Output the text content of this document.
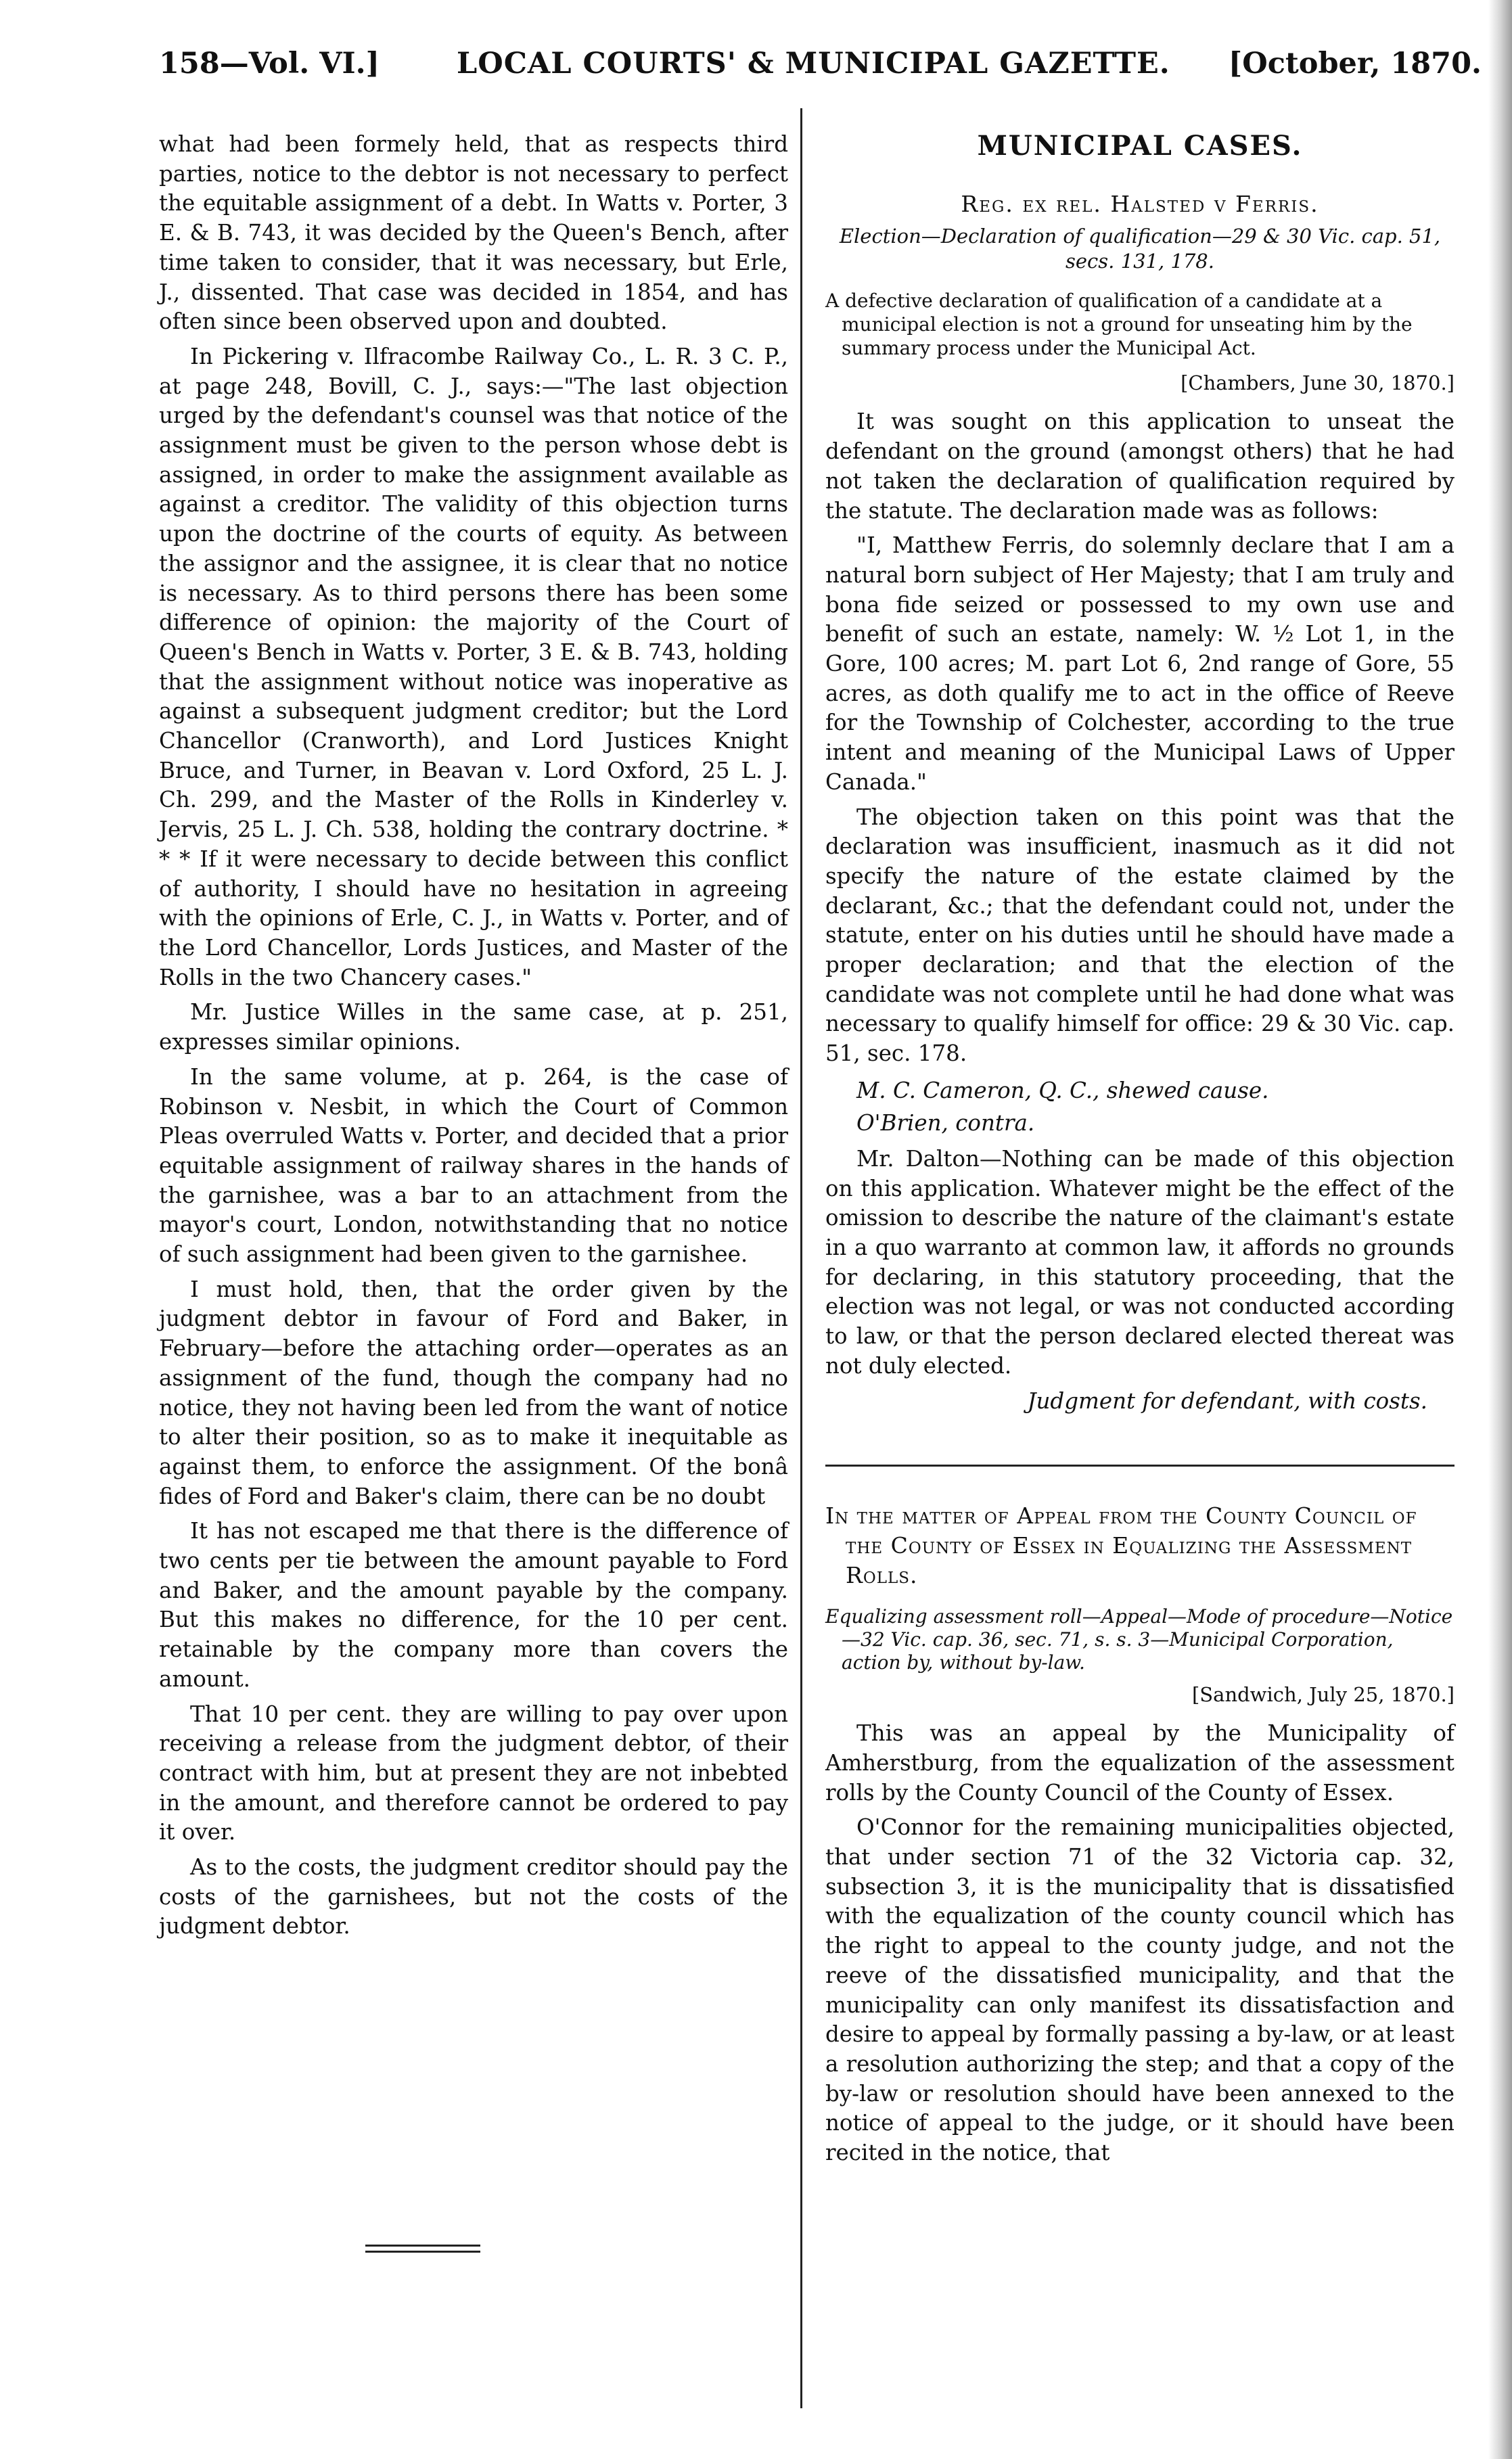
158—Vol. VI.]	LOCAL COURTS' & MUNICIPAL GAZETTE. [October, 1870.

what had been formely held, that as respects third parties, notice to the debtor is not necessary to perfect the equitable assignment of a debt. In Watts v. Porter, 3 E. & B. 743, it was decided by the Queen's Bench, after time taken to consider, that it was necessary, but Erle, J., dissented. That case was decided in 1854, and has often since been observed upon and doubted.

In Pickering v. Ilfracombe Railway Co., L. R. 3 C. P., at page 248, Bovill, C. J., says:—"The last objection urged by the defendant's counsel was that notice of the assignment must be given to the person whose debt is assigned, in order to make the assignment available as against a creditor. The validity of this objection turns upon the doctrine of the courts of equity. As between the assignor and the assignee, it is clear that no notice is necessary. As to third persons there has been some difference of opinion: the majority of the Court of Queen's Bench in Watts v. Porter, 3 E. & B. 743, holding that the assignment without notice was inoperative as against a subsequent judgment creditor; but the Lord Chancellor (Cranworth), and Lord Justices Knight Bruce, and Turner, in Beavan v. Lord Oxford, 25 L. J. Ch. 299, and the Master of the Rolls in Kinderley v. Jervis, 25 L. J. Ch. 538, holding the contrary doctrine. * * * If it were necessary to decide between this conflict of authority, I should have no hesitation in agreeing with the opinions of Erle, C. J., in Watts v. Porter, and of the Lord Chancellor, Lords Justices, and Master of the Rolls in the two Chancery cases."

Mr. Justice Willes in the same case, at p. 251, expresses similar opinions.

In the same volume, at p. 264, is the case of Robinson v. Nesbit, in which the Court of Common Pleas overruled Watts v. Porter, and decided that a prior equitable assignment of railway shares in the hands of the garnishee, was a bar to an attachment from the mayor's court, London, notwithstanding that no notice of such assignment had been given to the garnishee.

I must hold, then, that the order given by the judgment debtor in favour of Ford and Baker, in February—before the attaching order—operates as an assignment of the fund, though the company had no notice, they not having been led from the want of notice to alter their position, so as to make it inequitable as against them, to enforce the assignment. Of the bonâ fides of Ford and Baker's claim, there can be no doubt

It has not escaped me that there is the difference of two cents per tie between the amount payable to Ford and Baker, and the amount payable by the company. But this makes no difference, for the 10 per cent. retainable by the company more than covers the amount.

That 10 per cent. they are willing to pay over upon receiving a release from the judgment debtor, of their contract with him, but at present they are not inbebted in the amount, and therefore cannot be ordered to pay it over.

As to the costs, the judgment creditor should pay the costs of the garnishees, but not the costs of the judgment debtor.

MUNICIPAL CASES.
Reg. ex rel. Halsted v Ferris.

Election—Declaration of qualification—29 & 30 Vic. cap. 51, secs. 131, 178.

A defective declaration of qualification of a candidate at a municipal election is not a ground for unseating him by the summary process under the Municipal Act.

[Chambers, June 30, 1870.]

It was sought on this application to unseat the defendant on the ground (amongst others) that he had not taken the declaration of qualification required by the statute. The declaration made was as follows:

"I, Matthew Ferris, do solemnly declare that I am a natural born subject of Her Majesty; that I am truly and bona fide seized or possessed to my own use and benefit of such an estate, namely: W. ½ Lot 1, in the Gore, 100 acres; M. part Lot 6, 2nd range of Gore, 55 acres, as doth qualify me to act in the office of Reeve for the Township of Colchester, according to the true intent and meaning of the Municipal Laws of Upper Canada."

The objection taken on this point was that the declaration was insufficient, inasmuch as it did not specify the nature of the estate claimed by the declarant, &c.; that the defendant could not, under the statute, enter on his duties until he should have made a proper declaration; and that the election of the candidate was not complete until he had done what was necessary to qualify himself for office: 29 & 30 Vic. cap. 51, sec. 178.

M. C. Cameron, Q. C., shewed cause.

O'Brien, contra.

Mr. Dalton—Nothing can be made of this objection on this application. Whatever might be the effect of the omission to describe the nature of the claimant's estate in a quo warranto at common law, it affords no grounds for declaring, in this statutory proceeding, that the election was not legal, or was not conducted according to law, or that the person declared elected thereat was not duly elected.

Judgment for defendant, with costs.

In the matter of Appeal from the County Council of the County of Essex in Equalizing the Assessment Rolls.

Equalizing assessment roll—Appeal—Mode of procedure—Notice—32 Vic. cap. 36, sec. 71, s. s. 3—Municipal Corporation, action by, without by-law.

[Sandwich, July 25, 1870.]

This was an appeal by the Municipality of Amherstburg, from the equalization of the assessment rolls by the County Council of the County of Essex.

O'Connor for the remaining municipalities objected, that under section 71 of the 32 Victoria cap. 32, subsection 3, it is the municipality that is dissatisfied with the equalization of the county council which has the right to appeal to the county judge, and not the reeve of the dissatisfied municipality, and that the municipality can only manifest its dissatisfaction and desire to appeal by formally passing a by-law, or at least a resolution authorizing the step; and that a copy of the by-law or resolution should have been annexed to the notice of appeal to the judge, or it should have been recited in the notice, that
